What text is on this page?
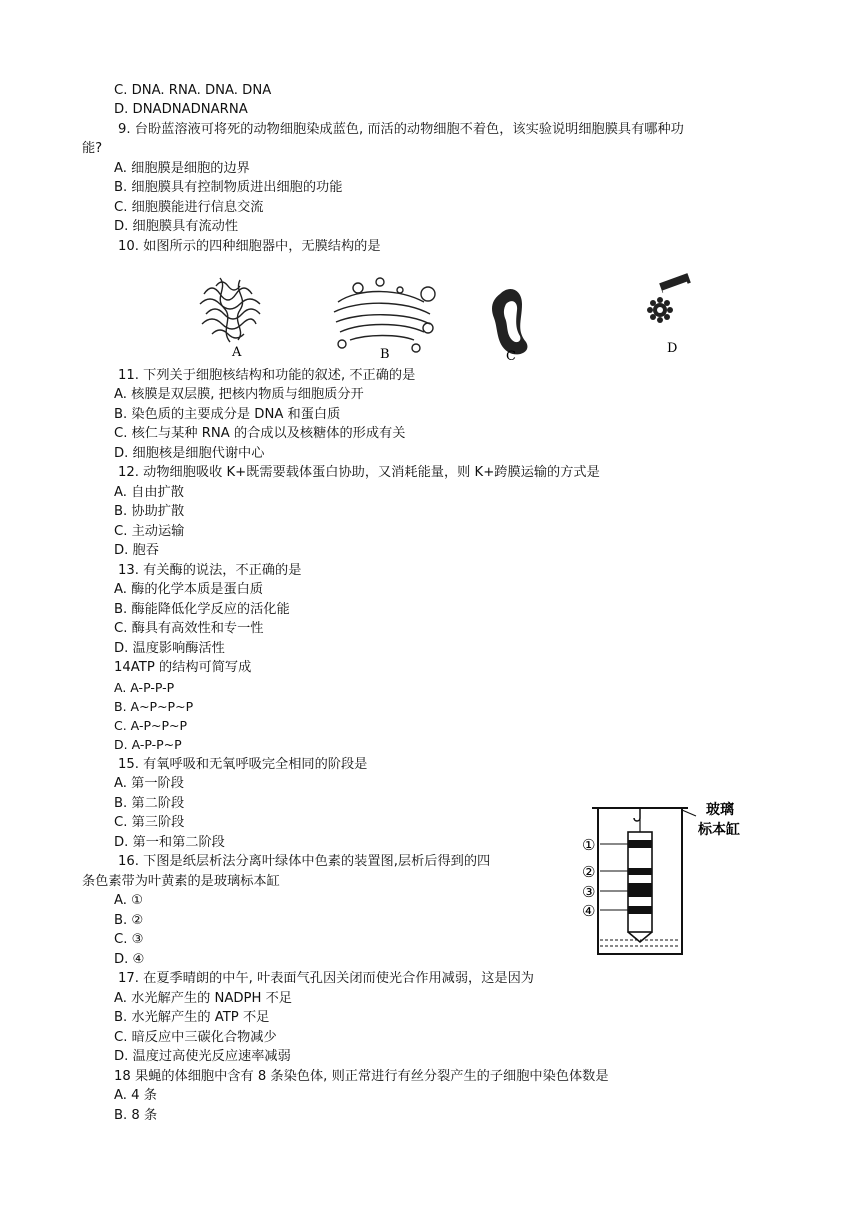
C. DNA. RNA. DNA. DNA
D. DNADNADNARNA
9. 台盼蓝溶液可将死的动物细胞染成蓝色, 而活的动物细胞不着色，该实验说明细胞膜具有哪种功
能?
A. 细胞膜是细胞的边界
B. 细胞膜具有控制物质进出细胞的功能
C. 细胞膜能进行信息交流
D. 细胞膜具有流动性
10. 如图所示的四种细胞器中，无膜结构的是
A	B	C
D
11. 下列关于细胞核结构和功能的叙述, 不正确的是
A. 核膜是双层膜, 把核内物质与细胞质分开
B. 染色质的主要成分是 DNA 和蛋白质
C. 核仁与某种 RNA 的合成以及核糖体的形成有关
D. 细胞核是细胞代谢中心
12. 动物细胞吸收 K+既需要载体蛋白协助，又消耗能量，则 K+跨膜运输的方式是
A. 自由扩散
B. 协助扩散
C. 主动运输
D. 胞吞
13. 有关酶的说法，不正确的是
A. 酶的化学本质是蛋白质
B. 酶能降低化学反应的活化能
C. 酶具有高效性和专一性
D. 温度影响酶活性
14ATP 的结构可简写成
A. A-P-P-P
B. A~P~P~P
C. A-P~P~P
D. A-P-P~P
15. 有氧呼吸和无氧呼吸完全相同的阶段是
A. 第一阶段
B. 第二阶段
C. 第三阶段
D. 第一和第二阶段
16. 下图是纸层析法分离叶绿体中色素的装置图,层析后得到的四
条色素带为叶黄素的是玻璃标本缸
A. ①
B. ②
C. ③
D. ④
①
②
③
④
玻璃
标本缸
17. 在夏季晴朗的中午, 叶表面气孔因关闭而使光合作用减弱，这是因为
A. 水光解产生的 NADPH 不足
B. 水光解产生的 ATP 不足
C. 暗反应中三碳化合物减少
D. 温度过高使光反应速率减弱
18 果蝇的体细胞中含有 8 条染色体, 则正常进行有丝分裂产生的子细胞中染色体数是
A. 4 条
B. 8 条
